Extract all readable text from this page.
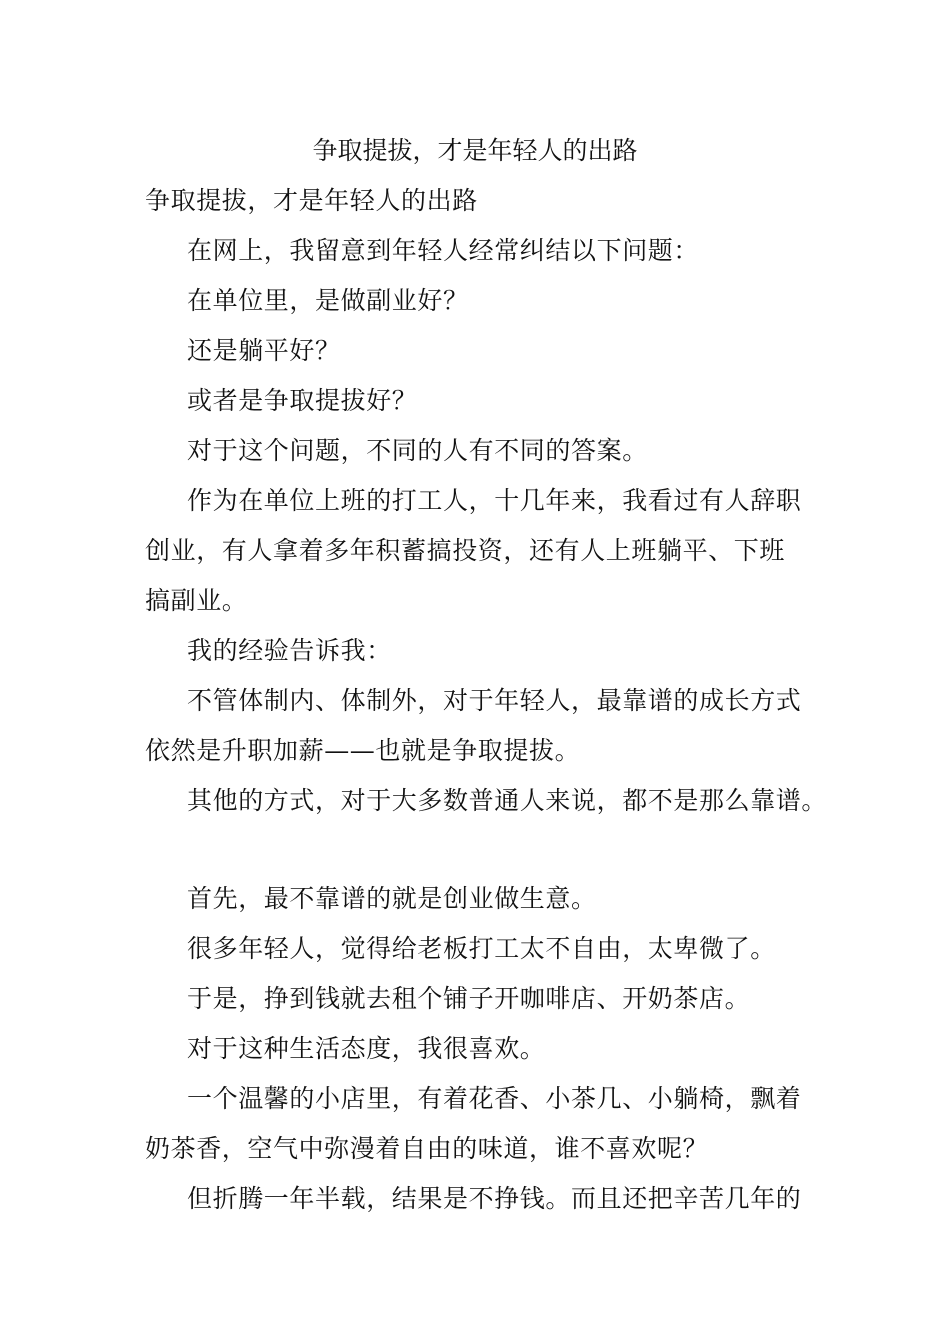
争取提拔，才是年轻人的出路
争取提拔，才是年轻人的出路
在网上，我留意到年轻人经常纠结以下问题：
在单位里，是做副业好？
还是躺平好？
或者是争取提拔好？
对于这个问题，不同的人有不同的答案。
作为在单位上班的打工人，十几年来，我看过有人辞职
创业，有人拿着多年积蓄搞投资，还有人上班躺平、下班
搞副业。
我的经验告诉我：
不管体制内、体制外，对于年轻人，最靠谱的成长方式
依然是升职加薪——也就是争取提拔。
其他的方式，对于大多数普通人来说，都不是那么靠谱。
首先，最不靠谱的就是创业做生意。
很多年轻人，觉得给老板打工太不自由，太卑微了。
于是，挣到钱就去租个铺子开咖啡店、开奶茶店。
对于这种生活态度，我很喜欢。
一个温馨的小店里，有着花香、小茶几、小躺椅，飘着
奶茶香，空气中弥漫着自由的味道，谁不喜欢呢？
但折腾一年半载，结果是不挣钱。而且还把辛苦几年的
